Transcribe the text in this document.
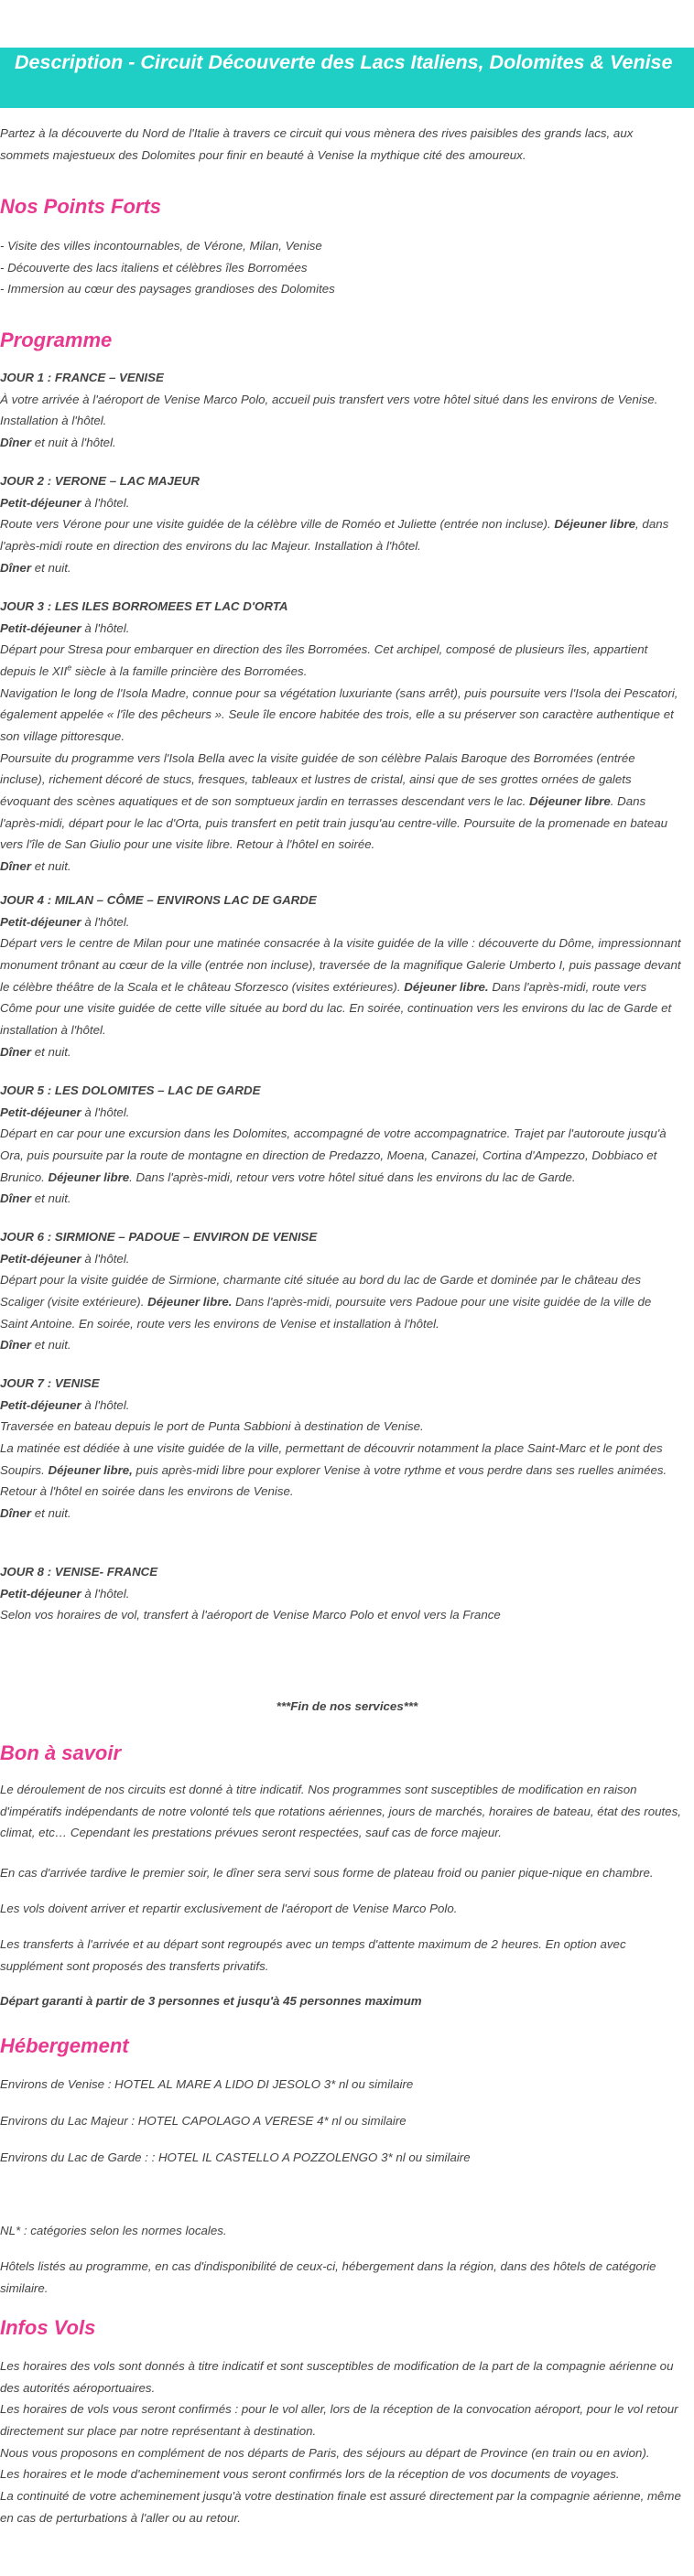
Description - Circuit Découverte des Lacs Italiens, Dolomites & Venise
Partez à la découverte du Nord de l'Italie à travers ce circuit qui vous mènera des rives paisibles des grands lacs, aux sommets majestueux des Dolomites pour finir en beauté à Venise la mythique cité des amoureux.
Nos Points Forts

- Visite des villes incontournables, de Vérone, Milan, Venise

- Découverte des lacs italiens et célèbres îles Borromées

- Immersion au cœur des paysages grandioses des Dolomites

Programme

JOUR 1 : FRANCE – VENISE

À votre arrivée à l'aéroport de Venise Marco Polo, accueil puis transfert vers votre hôtel situé dans les environs de Venise. Installation à l'hôtel.

Dîner et nuit à l'hôtel.

JOUR 2 : VERONE – LAC MAJEUR

Petit-déjeuner à l'hôtel.

Route vers Vérone pour une visite guidée de la célèbre ville de Roméo et Juliette (entrée non incluse). Déjeuner libre, dans l'après-midi route en direction des environs du lac Majeur. Installation à l'hôtel.

Dîner et nuit.

JOUR 3 : LES ILES BORROMEES ET LAC D'ORTA

Petit-déjeuner à l'hôtel.

Départ pour Stresa pour embarquer en direction des îles Borromées. Cet archipel, composé de plusieurs îles, appartient depuis le XIIe siècle à la famille princière des Borromées.

Navigation le long de l'Isola Madre, connue pour sa végétation luxuriante (sans arrêt), puis poursuite vers l'Isola dei Pescatori, également appelée « l'île des pêcheurs ». Seule île encore habitée des trois, elle a su préserver son caractère authentique et son village pittoresque.

Poursuite du programme vers l'Isola Bella avec la visite guidée de son célèbre Palais Baroque des Borromées (entrée incluse), richement décoré de stucs, fresques, tableaux et lustres de cristal, ainsi que de ses grottes ornées de galets évoquant des scènes aquatiques et de son somptueux jardin en terrasses descendant vers le lac. Déjeuner libre. Dans l'après-midi, départ pour le lac d'Orta, puis transfert en petit train jusqu'au centre-ville. Poursuite de la promenade en bateau vers l'île de San Giulio pour une visite libre. Retour à l'hôtel en soirée.

Dîner et nuit.

JOUR 4 : MILAN – CÔME – ENVIRONS LAC DE GARDE

Petit-déjeuner à l'hôtel.

Départ vers le centre de Milan pour une matinée consacrée à la visite guidée de la ville : découverte du Dôme, impressionnant monument trônant au cœur de la ville (entrée non incluse), traversée de la magnifique Galerie Umberto I, puis passage devant le célèbre théâtre de la Scala et le château Sforzesco (visites extérieures). Déjeuner libre. Dans l'après-midi, route vers Côme pour une visite guidée de cette ville située au bord du lac. En soirée, continuation vers les environs du lac de Garde et installation à l'hôtel.

Dîner et nuit.

JOUR 5 : LES DOLOMITES – LAC DE GARDE

Petit-déjeuner à l'hôtel.

Départ en car pour une excursion dans les Dolomites, accompagné de votre accompagnatrice. Trajet par l'autoroute jusqu'à Ora, puis poursuite par la route de montagne en direction de Predazzo, Moena, Canazei, Cortina d'Ampezzo, Dobbiaco et Brunico. Déjeuner libre. Dans l'après-midi, retour vers votre hôtel situé dans les environs du lac de Garde.

Dîner et nuit.

JOUR 6 : SIRMIONE – PADOUE – ENVIRON DE VENISE

Petit-déjeuner à l'hôtel.

Départ pour la visite guidée de Sirmione, charmante cité située au bord du lac de Garde et dominée par le château des Scaliger (visite extérieure). Déjeuner libre. Dans l'après-midi, poursuite vers Padoue pour une visite guidée de la ville de Saint Antoine. En soirée, route vers les environs de Venise et installation à l'hôtel.

Dîner et nuit.

JOUR 7 : VENISE

Petit-déjeuner à l'hôtel.

Traversée en bateau depuis le port de Punta Sabbioni à destination de Venise.

La matinée est dédiée à une visite guidée de la ville, permettant de découvrir notamment la place Saint-Marc et le pont des Soupirs. Déjeuner libre, puis après-midi libre pour explorer Venise à votre rythme et vous perdre dans ses ruelles animées.

Retour à l'hôtel en soirée dans les environs de Venise.

Dîner et nuit.

JOUR 8 : VENISE- FRANCE

Petit-déjeuner à l'hôtel.

Selon vos horaires de vol, transfert à l'aéroport de Venise Marco Polo et envol vers la France

***Fin de nos services***
Bon à savoir
Le déroulement de nos circuits est donné à titre indicatif. Nos programmes sont susceptibles de modification en raison d'impératifs indépendants de notre volonté tels que rotations aériennes, jours de marchés, horaires de bateau, état des routes, climat, etc… Cependant les prestations prévues seront respectées, sauf cas de force majeur.
En cas d'arrivée tardive le premier soir, le dîner sera servi sous forme de plateau froid ou panier pique-nique en chambre.
Les vols doivent arriver et repartir exclusivement de l'aéroport de Venise Marco Polo.
Les transferts à l'arrivée et au départ sont regroupés avec un temps d'attente maximum de 2 heures. En option avec supplément sont proposés des transferts privatifs.
Départ garanti à partir de 3 personnes et jusqu'à 45 personnes maximum
Hébergement
Environs de Venise : HOTEL AL MARE A LIDO DI JESOLO 3* nl ou similaire
Environs du Lac Majeur : HOTEL CAPOLAGO A VERESE 4* nl ou similaire
Environs du Lac de Garde : : HOTEL IL CASTELLO A POZZOLENGO 3* nl ou similaire
NL* : catégories selon les normes locales.
Hôtels listés au programme, en cas d'indisponibilité de ceux-ci, hébergement dans la région, dans des hôtels de catégorie similaire.
Infos Vols

Les horaires des vols sont donnés à titre indicatif et sont susceptibles de modification de la part de la compagnie aérienne ou des autorités aéroportuaires.

Les horaires de vols vous seront confirmés : pour le vol aller, lors de la réception de la convocation aéroport, pour le vol retour directement sur place par notre représentant à destination.

Nous vous proposons en complément de nos départs de Paris, des séjours au départ de Province (en train ou en avion).

Les horaires et le mode d'acheminement vous seront confirmés lors de la réception de vos documents de voyages.

La continuité de votre acheminement jusqu'à votre destination finale est assuré directement par la compagnie aérienne, même en cas de perturbations à l'aller ou au retour.
